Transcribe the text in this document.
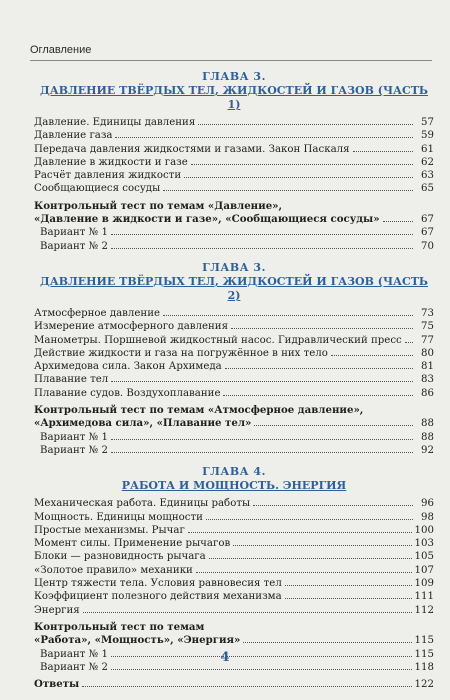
Оглавление
ГЛАВА 3.
ДАВЛЕНИЕ ТВЁРДЫХ ТЕЛ, ЖИДКОСТЕЙ И ГАЗОВ (ЧАСТЬ 1)
Давление. Единицы давления	57
Давление газа	59
Передача давления жидкостями и газами. Закон Паскаля	61
Давление в жидкости и газе	62
Расчёт давления жидкости	63
Сообщающиеся сосуды	65
Контрольный тест по темам «Давление»,
«Давление в жидкости и газе», «Сообщающиеся сосуды»	67
Вариант № 1	67
Вариант № 2	70
ГЛАВА 3.
ДАВЛЕНИЕ ТВЁРДЫХ ТЕЛ, ЖИДКОСТЕЙ И ГАЗОВ (ЧАСТЬ 2)
Атмосферное давление	73
Измерение атмосферного давления	75
Манометры. Поршневой жидкостный насос. Гидравлический пресс	77
Действие жидкости и газа на погружённое в них тело	80
Архимедова сила. Закон Архимеда	81
Плавание тел	83
Плавание судов. Воздухоплавание	86
Контрольный тест по темам «Атмосферное давление»,
«Архимедова сила», «Плавание тел»	88
Вариант № 1	88
Вариант № 2	92
ГЛАВА 4.
РАБОТА И МОЩНОСТЬ. ЭНЕРГИЯ
Механическая работа. Единицы работы	96
Мощность. Единицы мощности	98
Простые механизмы. Рычаг	100
Момент силы. Применение рычагов	103
Блоки — разновидность рычага	105
«Золотое правило» механики	107
Центр тяжести тела. Условия равновесия тел	109
Коэффициент полезного действия механизма	111
Энергия	112
Контрольный тест по темам
«Работа», «Мощность», «Энергия»	115
Вариант № 1	115
Вариант № 2	118
Ответы	122
4
